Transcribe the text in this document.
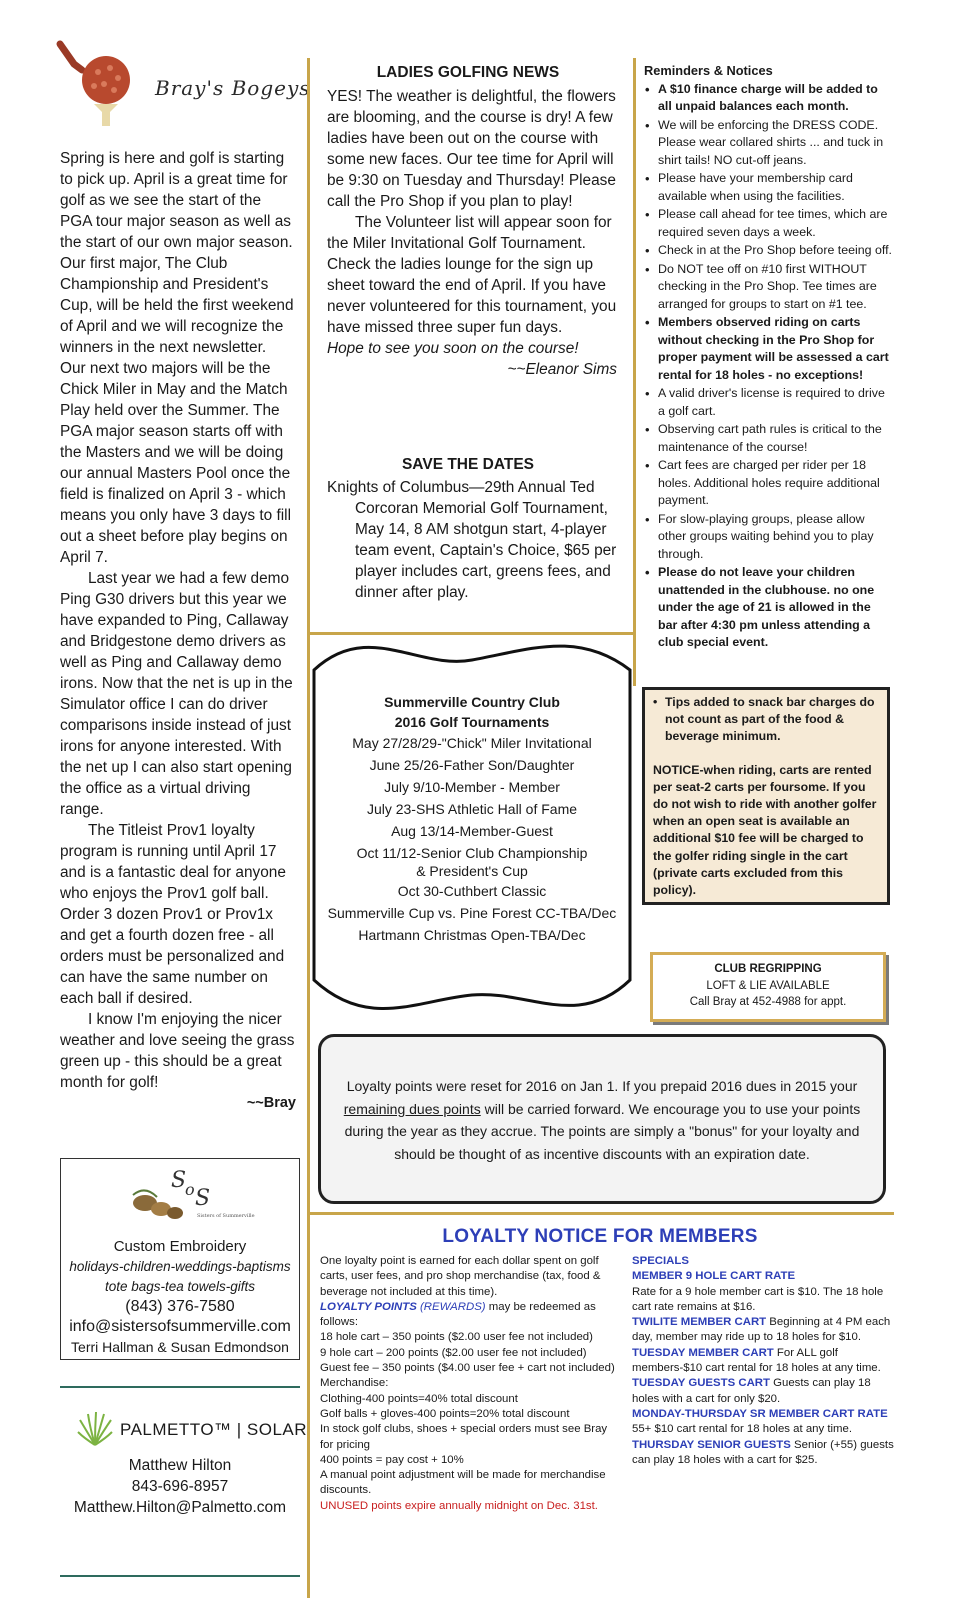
Bray's Bogeys

Spring is here and golf is starting to pick up. April is a great time for golf as we see the start of the PGA tour major season as well as the start of our own major season. Our first major, The Club Championship and President's Cup, will be held the first weekend of April and we will recognize the winners in the next newsletter. Our next two majors will be the Chick Miler in May and the Match Play held over the Summer. The PGA major season starts off with the Masters and we will be doing our annual Masters Pool once the field is finalized on April 3 - which means you only have 3 days to fill out a sheet before play begins on April 7.

Last year we had a few demo Ping G30 drivers but this year we have expanded to Ping, Callaway and Bridgestone demo drivers as well as Ping and Callaway demo irons. Now that the net is up in the Simulator office I can do driver comparisons inside instead of just irons for anyone interested. With the net up I can also start opening the office as a virtual driving range.

The Titleist Prov1 loyalty program is running until April 17 and is a fantastic deal for anyone who enjoys the Prov1 golf ball. Order 3 dozen Prov1 or Prov1x and get a fourth dozen free - all orders must be personalized and can have the same number on each ball if desired.

I know I'm enjoying the nicer weather and love seeing the grass green up - this should be a great month for golf!

~~Bray

S
o S
Sisters of Summerville
Custom Embroidery
holidays-children-weddings-baptisms
tote bags-tea towels-gifts
(843) 376-7580
info@sistersofsummerville.com
Terri Hallman & Susan Edmondson
PALMETTO™ | SOLAR
Matthew Hilton
843-696-8957
Matthew.Hilton@Palmetto.com
LADIES GOLFING NEWS

YES! The weather is delightful, the flowers are blooming, and the course is dry! A few ladies have been out on the course with some new faces. Our tee time for April will be 9:30 on Tuesday and Thursday! Please call the Pro Shop if you plan to play!

The Volunteer list will appear soon for the Miler Invitational Golf Tournament. Check the ladies lounge for the sign up sheet toward the end of April. If you have never volunteered for this tournament, you have missed three super fun days.

Hope to see you soon on the course!

~~Eleanor Sims

SAVE THE DATES
Knights of Columbus—29th Annual Ted Corcoran Memorial Golf Tournament, May 14, 8 AM shotgun start, 4-player team event, Captain's Choice, $65 per player includes cart, greens fees, and dinner after play.
Summerville Country Club
2016 Golf Tournaments
May 27/28/29-"Chick" Miler Invitational
June 25/26-Father Son/Daughter
July 9/10-Member - Member
July 23-SHS Athletic Hall of Fame
Aug 13/14-Member-Guest
Oct 11/12-Senior Club Championship
& President's Cup
Oct 30-Cuthbert Classic
Summerville Cup vs. Pine Forest CC-TBA/Dec
Hartmann Christmas Open-TBA/Dec
Reminders & Notices
• A $10 finance charge will be added to all unpaid balances each month.
• We will be enforcing the DRESS CODE. Please wear collared shirts ... and tuck in shirt tails! NO cut-off jeans.
• Please have your membership card available when using the facilities.
• Please call ahead for tee times, which are required seven days a week.
• Check in at the Pro Shop before teeing off.
• Do NOT tee off on #10 first WITHOUT checking in the Pro Shop. Tee times are arranged for groups to start on #1 tee.
• Members observed riding on carts without checking in the Pro Shop for proper payment will be assessed a cart rental for 18 holes - no exceptions!
• A valid driver's license is required to drive a golf cart.
• Observing cart path rules is critical to the maintenance of the course!
• Cart fees are charged per rider per 18 holes. Additional holes require additional payment.
• For slow-playing groups, please allow other groups waiting behind you to play through.
• Please do not leave your children unattended in the clubhouse. no one under the age of 21 is allowed in the bar after 4:30 pm unless attending a club special event.
• Tips added to snack bar charges do not count as part of the food & beverage minimum.
NOTICE-when riding, carts are rented per seat-2 carts per foursome. If you do not wish to ride with another golfer when an open seat is available an additional $10 fee will be charged to the golfer riding single in the cart (private carts excluded from this policy).
CLUB REGRIPPING
LOFT & LIE AVAILABLE
Call Bray at 452-4988 for appt.
Loyalty points were reset for 2016 on Jan 1. If you prepaid 2016 dues in 2015 your remaining dues points will be carried forward. We encourage you to use your points during the year as they accrue. The points are simply a "bonus" for your loyalty and should be thought of as incentive discounts with an expiration date.
LOYALTY NOTICE FOR MEMBERS
One loyalty point is earned for each dollar spent on golf carts, user fees, and pro shop merchandise (tax, food & beverage not included at this time).
LOYALTY POINTS (REWARDS) may be redeemed as follows:
18 hole cart – 350 points ($2.00 user fee not included)
9 hole cart – 200 points ($2.00 user fee not included)
Guest fee – 350 points ($4.00 user fee + cart not included)
Merchandise:
Clothing-400 points=40% total discount
Golf balls + gloves-400 points=20% total discount
In stock golf clubs, shoes + special orders must see Bray for pricing
400 points = pay cost + 10%
A manual point adjustment will be made for merchandise discounts.
UNUSED points expire annually midnight on Dec. 31st.
SPECIALS
MEMBER 9 HOLE CART RATE
Rate for a 9 hole member cart is $10. The 18 hole cart rate remains at $16.
TWILITE MEMBER CART Beginning at 4 PM each day, member may ride up to 18 holes for $10.
TUESDAY MEMBER CART For ALL golf members-$10 cart rental for 18 holes at any time.
TUESDAY GUESTS CART Guests can play 18 holes with a cart for only $20.
MONDAY-THURSDAY SR MEMBER CART RATE 55+ $10 cart rental for 18 holes at any time.
THURSDAY SENIOR GUESTS Senior (+55) guests can play 18 holes with a cart for $25.
